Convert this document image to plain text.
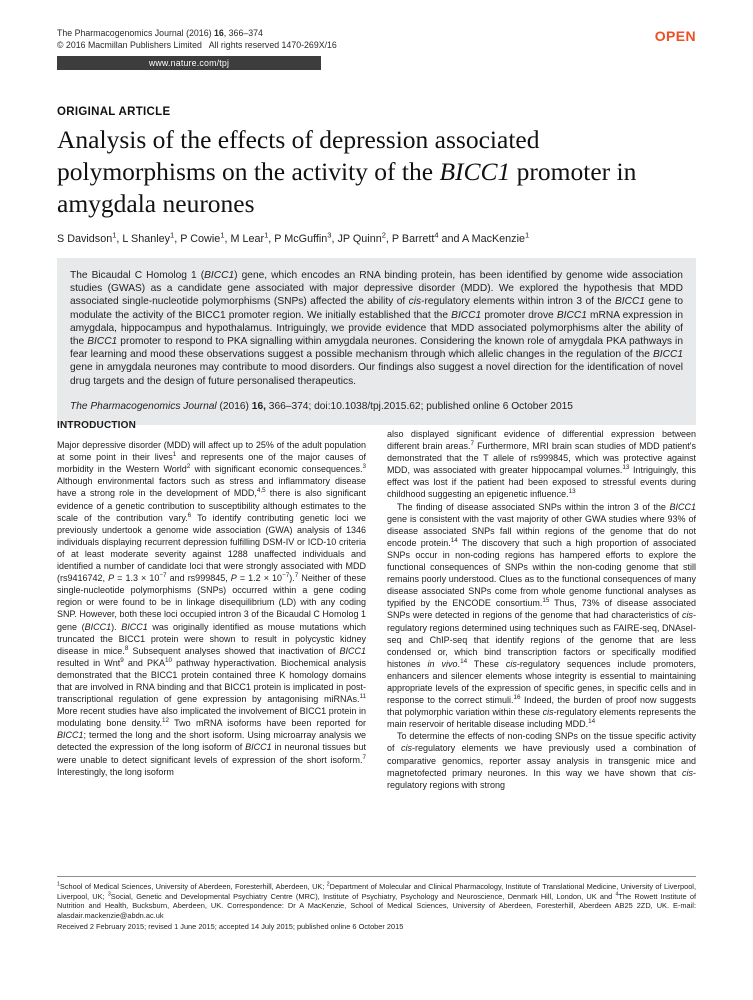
The Pharmacogenomics Journal (2016) 16, 366–374
© 2016 Macmillan Publishers Limited   All rights reserved 1470-269X/16
OPEN
www.nature.com/tpj
ORIGINAL ARTICLE
Analysis of the effects of depression associated polymorphisms on the activity of the BICC1 promoter in amygdala neurones
S Davidson$^1$, L Shanley$^1$, P Cowie$^1$, M Lear$^1$, P McGuffin$^3$, JP Quinn$^2$, P Barrett$^4$ and A MacKenzie$^1$

The Bicaudal C Homolog 1 (BICC1) gene, which encodes an RNA binding protein, has been identified by genome wide association studies (GWAS) as a candidate gene associated with major depressive disorder (MDD). We explored the hypothesis that MDD associated single-nucleotide polymorphisms (SNPs) affected the ability of cis-regulatory elements within intron 3 of the BICC1 gene to modulate the activity of the BICC1 promoter region. We initially established that the BICC1 promoter drove BICC1 mRNA expression in amygdala, hippocampus and hypothalamus. Intriguingly, we provide evidence that MDD associated polymorphisms alter the ability of the BICC1 promoter to respond to PKA signalling within amygdala neurones. Considering the known role of amygdala PKA pathways in fear learning and mood these observations suggest a possible mechanism through which allelic changes in the regulation of the BICC1 gene in amygdala neurones may contribute to mood disorders. Our findings also suggest a novel direction for the identification of novel drug targets and the design of future personalised therapeutics.

The Pharmacogenomics Journal (2016) 16, 366–374; doi:10.1038/tpj.2015.62; published online 6 October 2015

INTRODUCTION

Major depressive disorder (MDD) will affect up to 25% of the adult population at some point in their lives$^1$ and represents one of the major causes of morbidity in the Western World$^2$ with significant economic consequences.$^3$ Although environmental factors such as stress and inflammatory disease have a strong role in the development of MDD,$^{4,5}$ there is also significant evidence of a genetic contribution to susceptibility although estimates to the scale of the contribution vary.$^6$ To identify contributing genetic loci we previously undertook a genome wide association (GWA) analysis of 1346 individuals displaying recurrent depression fulfilling DSM-IV or ICD-10 criteria of at least moderate severity against 1288 unaffected individuals and identified a number of candidate loci that were strongly associated with MDD (rs9416742, $P = 1.3 \times 10^{-7}$ and rs999845, $P = 1.2 \times 10^{-7}).^7$ Neither of these single-nucleotide polymorphisms (SNPs) occurred within a gene coding region or were found to be in linkage disequilibrium (LD) with any coding SNP. However, both these loci occupied intron 3 of the Bicaudal C Homolog 1 gene (BICC1). BICC1 was originally identified as mouse mutations which truncated the BICC1 protein were shown to result in polycystic kidney disease in mice.$^8$ Subsequent analyses showed that inactivation of BICC1 resulted in Wnt$^9$ and PKA$^{10}$ pathway hyperactivation. Biochemical analysis demonstrated that the BICC1 protein contained three K homology domains that are involved in RNA binding and that BICC1 protein is implicated in post-transcriptional regulation of gene expression by antagonising miRNAs.$^{11}$ More recent studies have also implicated the involvement of BICC1 protein in modulating bone density.$^{12}$ Two mRNA isoforms have been reported for BICC1; termed the long and the short isoform. Using microarray analysis we detected the expression of the long isoform of BICC1 in neuronal tissues but were unable to detect significant levels of expression of the short isoform.$^7$ Interestingly, the long isoform

also displayed significant evidence of differential expression between different brain areas.$^7$ Furthermore, MRI brain scan studies of MDD patient's demonstrated that the T allele of rs999845, which was protective against MDD, was associated with greater hippocampal volumes.$^{13}$ Intriguingly, this effect was lost if the patient had been exposed to stressful events during childhood suggesting an epigenetic influence.$^{13}$

The finding of disease associated SNPs within the intron 3 of the BICC1 gene is consistent with the vast majority of other GWA studies where 93% of disease associated SNPs fall within regions of the genome that do not encode protein.$^{14}$ The discovery that such a high proportion of associated SNPs occur in non-coding regions has hampered efforts to explore the functional consequences of SNPs within the non-coding genome that still remains poorly understood. Clues as to the functional consequences of many disease associated SNPs come from whole genome functional analyses as typified by the ENCODE consortium.$^{15}$ Thus, 73% of disease associated SNPs were detected in regions of the genome that had characteristics of cis-regulatory regions determined using techniques such as FAIRE-seq, DNAseI-seq and ChIP-seq that identify regions of the genome that are less condensed or, which bind transcription factors or specifically modified histones in vivo.$^{14}$ These cis-regulatory sequences include promoters, enhancers and silencer elements whose integrity is essential to maintaining appropriate levels of the expression of specific genes, in specific cells and in response to the correct stimuli.$^{16}$ Indeed, the burden of proof now suggests that polymorphic variation within these cis-regulatory elements represents the main reservoir of heritable disease including MDD.$^{14}$

To determine the effects of non-coding SNPs on the tissue specific activity of cis-regulatory elements we have previously used a combination of comparative genomics, reporter assay analysis in transgenic mice and magnetofected primary neurones. In this way we have shown that cis-regulatory regions with strong

$^1$School of Medical Sciences, University of Aberdeen, Foresterhill, Aberdeen, UK; $^2$Department of Molecular and Clinical Pharmacology, Institute of Translational Medicine, University of Liverpool, Liverpool, UK; $^3$Social, Genetic and Developmental Psychiatry Centre (MRC), Institute of Psychiatry, Psychology and Neuroscience, Denmark Hill, London, UK and $^4$The Rowett Institute of Nutrition and Health, Bucksburn, Aberdeen, UK. Correspondence: Dr A MacKenzie, School of Medical Sciences, University of Aberdeen, Foresterhill, Aberdeen AB25 2ZD, UK. E-mail: alasdair.mackenzie@abdn.ac.uk

Received 2 February 2015; revised 1 June 2015; accepted 14 July 2015; published online 6 October 2015
